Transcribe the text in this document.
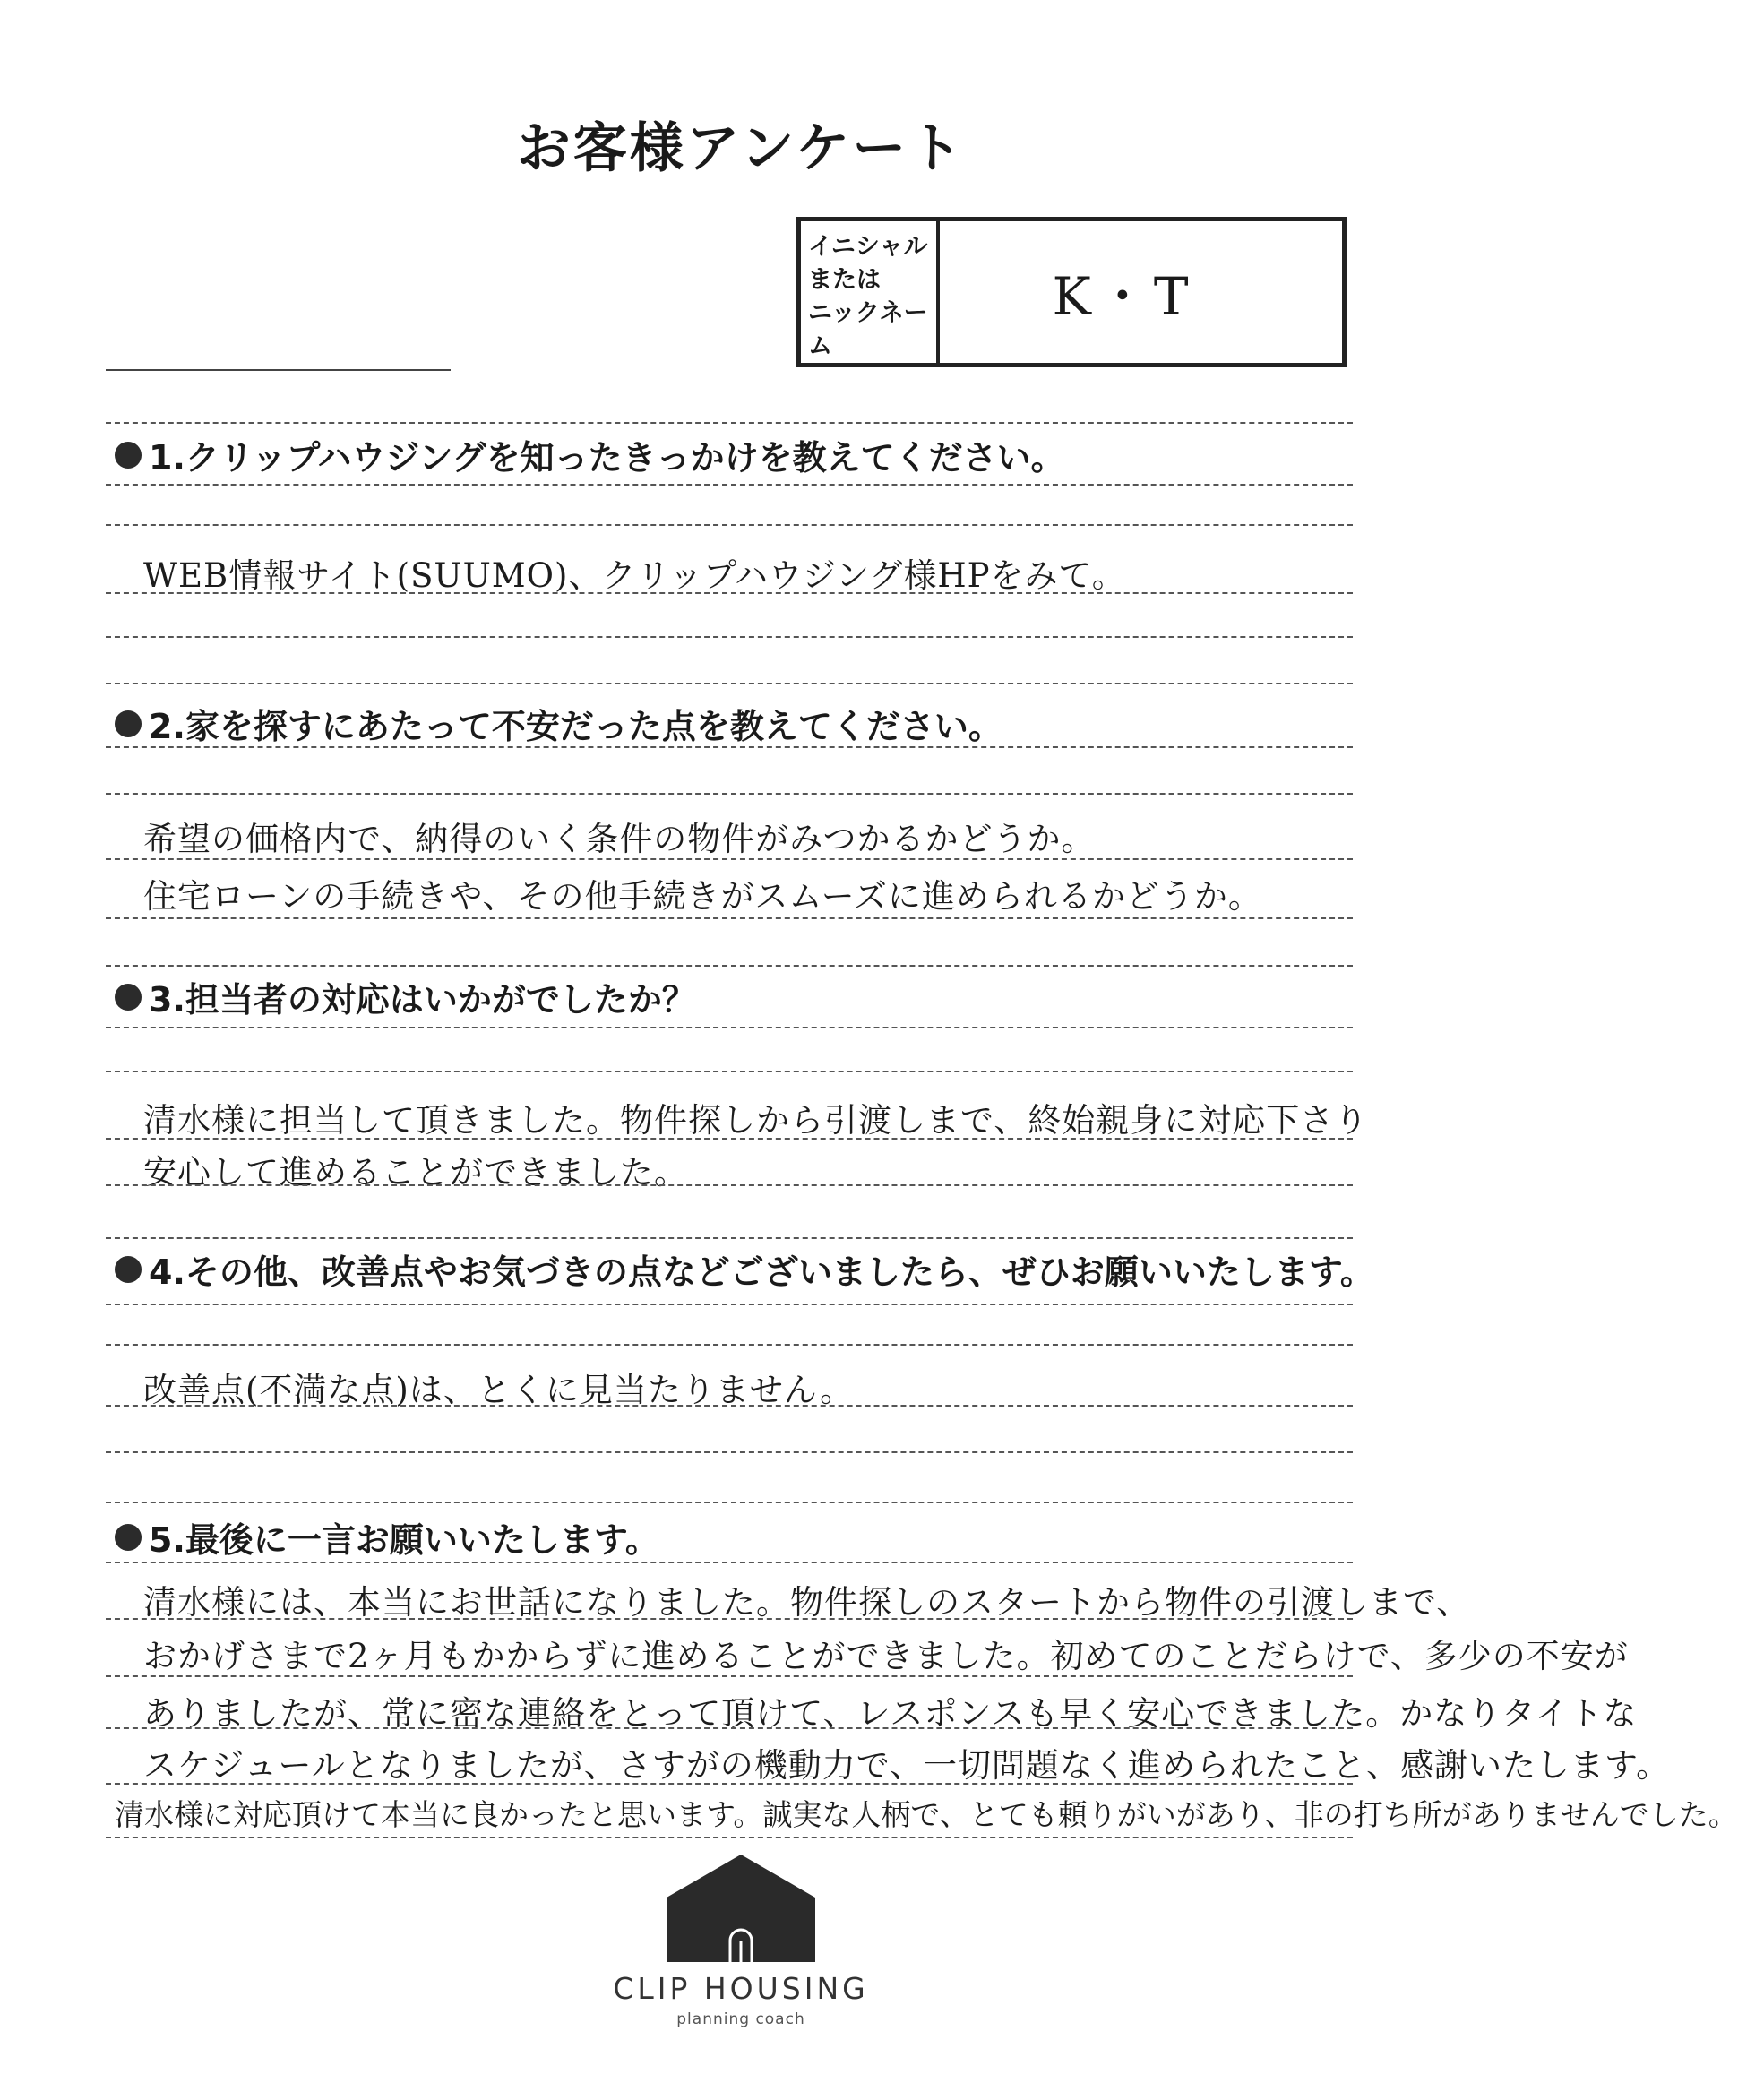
お客様アンケート
イニシャル
または
ニックネー
ム
K・T
1.クリップハウジングを知ったきっかけを教えてください。
WEB情報サイト(SUUMO)、クリップハウジング様HPをみて。
2.家を探すにあたって不安だった点を教えてください。
希望の価格内で、納得のいく条件の物件がみつかるかどうか。
住宅ローンの手続きや、その他手続きがスムーズに進められるかどうか。
3.担当者の対応はいかがでしたか？
清水様に担当して頂きました。物件探しから引渡しまで、終始親身に対応下さり
安心して進めることができました。
4.その他、改善点やお気づきの点などございましたら、ぜひお願いいたします。
改善点(不満な点)は、とくに見当たりません。
5.最後に一言お願いいたします。
清水様には、本当にお世話になりました。物件探しのスタートから物件の引渡しまで、
おかげさまで2ヶ月もかからずに進めることができました。初めてのことだらけで、多少の不安が
ありましたが、常に密な連絡をとって頂けて、レスポンスも早く安心できました。かなりタイトな
スケジュールとなりましたが、さすがの機動力で、一切問題なく進められたこと、感謝いたします。
清水様に対応頂けて本当に良かったと思います。誠実な人柄で、とても頼りがいがあり、非の打ち所がありませんでした。
CLIP HOUSING
planning coach
